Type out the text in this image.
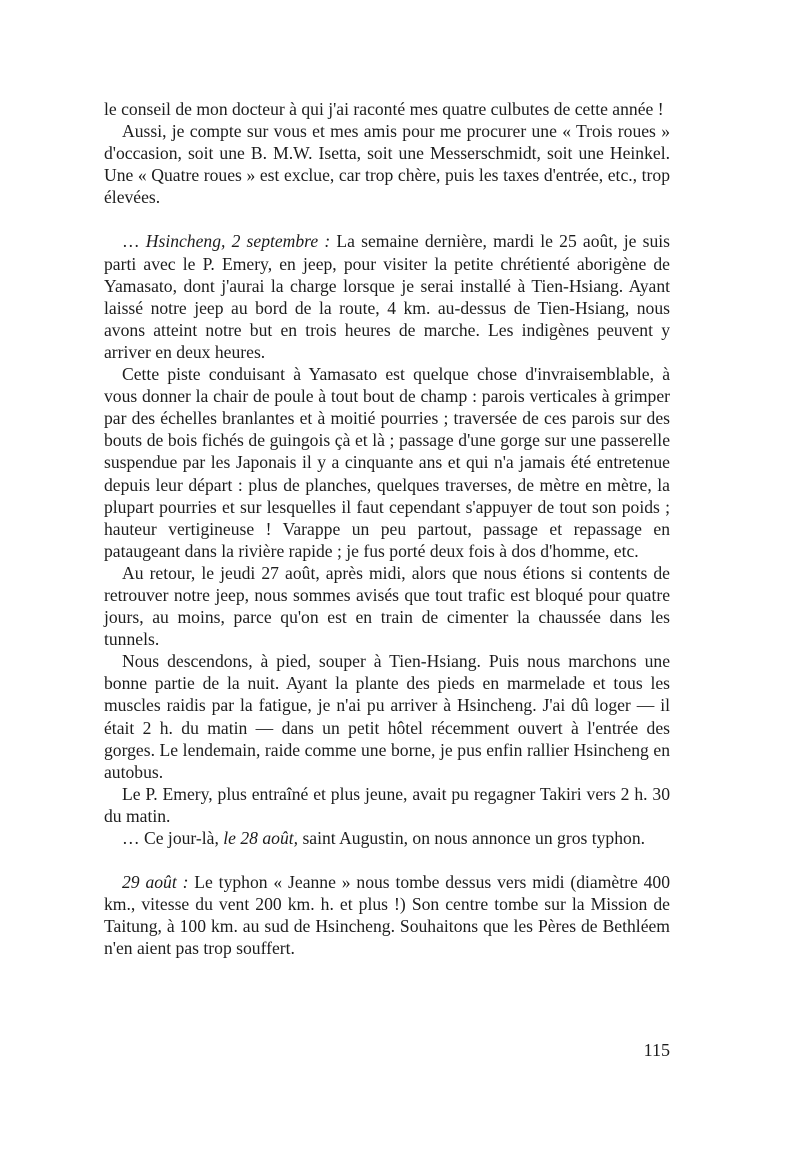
le conseil de mon docteur à qui j'ai raconté mes quatre culbutes de cette année !

Aussi, je compte sur vous et mes amis pour me procurer une « Trois roues » d'occasion, soit une B. M.W. Isetta, soit une Messerschmidt, soit une Heinkel. Une « Quatre roues » est exclue, car trop chère, puis les taxes d'entrée, etc., trop élevées.

… Hsincheng, 2 septembre : La semaine dernière, mardi le 25 août, je suis parti avec le P. Emery, en jeep, pour visiter la petite chrétienté aborigène de Yamasato, dont j'aurai la charge lorsque je serai installé à Tien-Hsiang. Ayant laissé notre jeep au bord de la route, 4 km. au-dessus de Tien-Hsiang, nous avons atteint notre but en trois heures de marche. Les indigènes peuvent y arriver en deux heures.

Cette piste conduisant à Yamasato est quelque chose d'invraisemblable, à vous donner la chair de poule à tout bout de champ : parois verticales à grimper par des échelles branlantes et à moitié pourries ; traversée de ces parois sur des bouts de bois fichés de guingois çà et là ; passage d'une gorge sur une passerelle suspendue par les Japonais il y a cinquante ans et qui n'a jamais été entretenue depuis leur départ : plus de planches, quelques traverses, de mètre en mètre, la plupart pourries et sur lesquelles il faut cependant s'appuyer de tout son poids ; hauteur vertigineuse ! Varappe un peu partout, passage et repassage en pataugeant dans la rivière rapide ; je fus porté deux fois à dos d'homme, etc.

Au retour, le jeudi 27 août, après midi, alors que nous étions si contents de retrouver notre jeep, nous sommes avisés que tout trafic est bloqué pour quatre jours, au moins, parce qu'on est en train de cimenter la chaussée dans les tunnels.

Nous descendons, à pied, souper à Tien-Hsiang. Puis nous marchons une bonne partie de la nuit. Ayant la plante des pieds en marmelade et tous les muscles raidis par la fatigue, je n'ai pu arriver à Hsincheng. J'ai dû loger — il était 2 h. du matin — dans un petit hôtel récemment ouvert à l'entrée des gorges. Le lendemain, raide comme une borne, je pus enfin rallier Hsincheng en autobus.

Le P. Emery, plus entraîné et plus jeune, avait pu regagner Takiri vers 2 h. 30 du matin.

… Ce jour-là, le 28 août, saint Augustin, on nous annonce un gros typhon.

29 août : Le typhon « Jeanne » nous tombe dessus vers midi (diamètre 400 km., vitesse du vent 200 km. h. et plus !) Son centre tombe sur la Mission de Taitung, à 100 km. au sud de Hsincheng. Souhaitons que les Pères de Bethléem n'en aient pas trop souffert.

115
